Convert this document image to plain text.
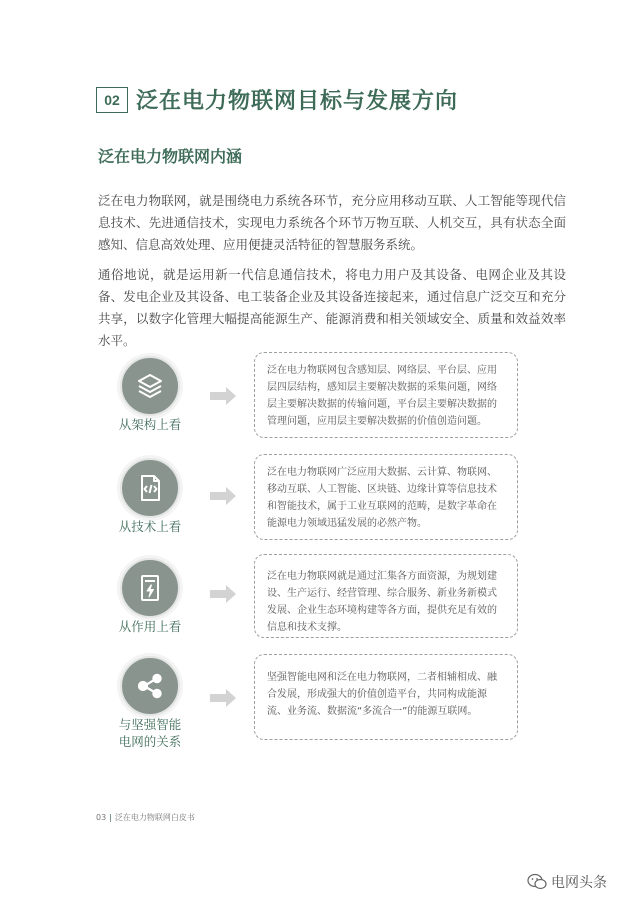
02 泛在电力物联网目标与发展方向
泛在电力物联网内涵

泛在电力物联网，就是围绕电力系统各环节，充分应用移动互联、人工智能等现代信息技术、先进通信技术，实现电力系统各个环节万物互联、人机交互，具有状态全面感知、信息高效处理、应用便捷灵活特征的智慧服务系统。

通俗地说，就是运用新一代信息通信技术，将电力用户及其设备、电网企业及其设备、发电企业及其设备、电工装备企业及其设备连接起来，通过信息广泛交互和充分共享，以数字化管理大幅提高能源生产、能源消费和相关领域安全、质量和效益效率水平。

从架构上看
泛在电力物联网包含感知层、网络层、平台层、应用层四层结构，感知层主要解决数据的采集问题，网络层主要解决数据的传输问题，平台层主要解决数据的管理问题，应用层主要解决数据的价值创造问题。
从技术上看
泛在电力物联网广泛应用大数据、云计算、物联网、移动互联、人工智能、区块链、边缘计算等信息技术和智能技术，属于工业互联网的范畴，是数字革命在能源电力领域迅猛发展的必然产物。
从作用上看
泛在电力物联网就是通过汇集各方面资源，为规划建设、生产运行、经营管理、综合服务、新业务新模式发展、企业生态环境构建等各方面，提供充足有效的信息和技术支撑。
与坚强智能
电网的关系
坚强智能电网和泛在电力物联网，二者相辅相成、融合发展，形成强大的价值创造平台，共同构成能源流、业务流、数据流“多流合一”的能源互联网。
03 | 泛在电力物联网白皮书
电网头条
